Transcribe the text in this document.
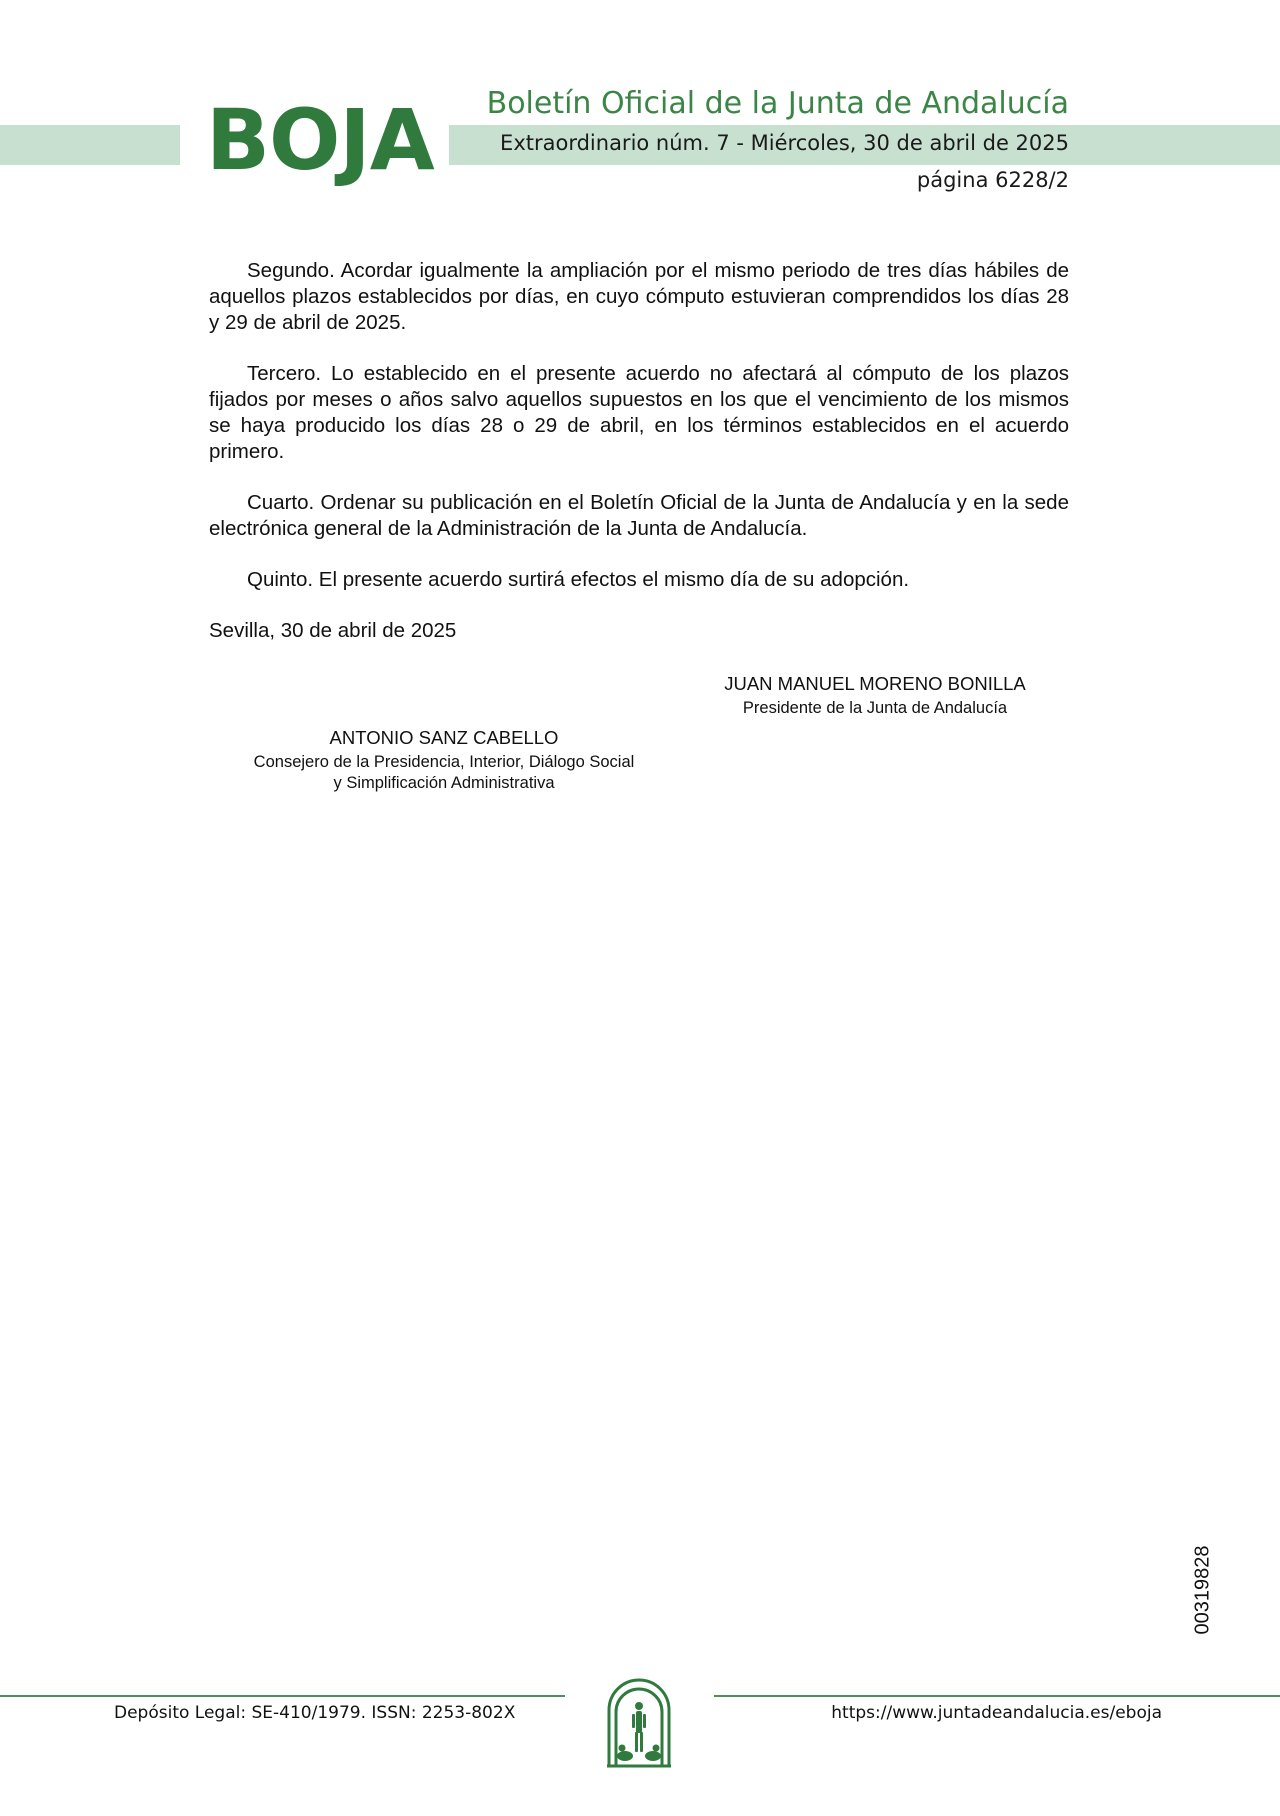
BOJA Boletín Oficial de la Junta de Andalucía
Extraordinario núm. 7 - Miércoles, 30 de abril de 2025
página 6228/2

Segundo. Acordar igualmente la ampliación por el mismo periodo de tres días hábiles de aquellos plazos establecidos por días, en cuyo cómputo estuvieran comprendidos los días 28 y 29 de abril de 2025.

Tercero. Lo establecido en el presente acuerdo no afectará al cómputo de los plazos fijados por meses o años salvo aquellos supuestos en los que el vencimiento de los mismos se haya producido los días 28 o 29 de abril, en los términos establecidos en el acuerdo primero.

Cuarto. Ordenar su publicación en el Boletín Oficial de la Junta de Andalucía y en la sede electrónica general de la Administración de la Junta de Andalucía.

Quinto. El presente acuerdo surtirá efectos el mismo día de su adopción.

Sevilla, 30 de abril de 2025

JUAN MANUEL MORENO BONILLA
Presidente de la Junta de Andalucía
ANTONIO SANZ CABELLO
Consejero de la Presidencia, Interior, Diálogo Social
y Simplificación Administrativa
00319828
Depósito Legal: SE-410/1979. ISSN: 2253-802X	https://www.juntadeandalucia.es/eboja
